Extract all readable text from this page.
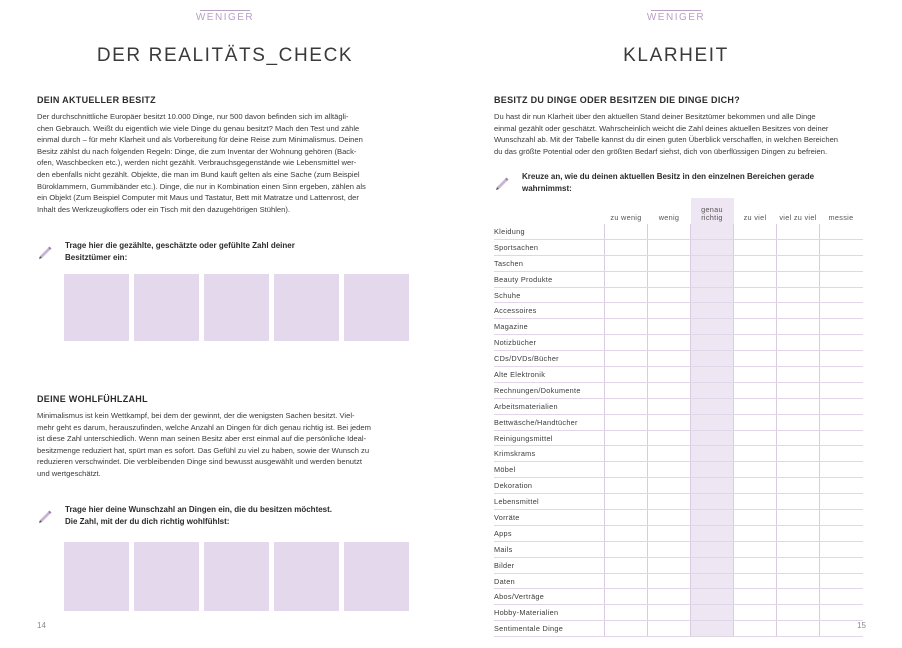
WENIGER
DER REALITÄTS_CHECK
DEIN AKTUELLER BESITZ
Der durchschnittliche Europäer besitzt 10.000 Dinge, nur 500 davon befinden sich im alltägli-
chen Gebrauch. Weißt du eigentlich wie viele Dinge du genau besitzt? Mach den Test und zähle
einmal durch – für mehr Klarheit und als Vorbereitung für deine Reise zum Minimalismus. Deinen
Besitz zählst du nach folgenden Regeln: Dinge, die zum Inventar der Wohnung gehören (Back-
ofen, Waschbecken etc.), werden nicht gezählt. Verbrauchsgegenstände wie Lebensmittel wer-
den ebenfalls nicht gezählt. Objekte, die man im Bund kauft gelten als eine Sache (zum Beispiel
Büroklammern, Gummibänder etc.). Dinge, die nur in Kombination einen Sinn ergeben, zählen als
ein Objekt (Zum Beispiel Computer mit Maus und Tastatur, Bett mit Matratze und Lattenrost, der
Inhalt des Werkzeugkoffers oder ein Tisch mit den dazugehörigen Stühlen).
Trage hier die gezählte, geschätzte oder gefühlte Zahl deiner
Besitztümer ein:
DEINE WOHLFÜHLZAHL
Minimalismus ist kein Wettkampf, bei dem der gewinnt, der die wenigsten Sachen besitzt. Viel-
mehr geht es darum, herauszufinden, welche Anzahl an Dingen für dich genau richtig ist. Bei jedem
ist diese Zahl unterschiedlich. Wenn man seinen Besitz aber erst einmal auf die persönliche Ideal-
besitzmenge reduziert hat, spürt man es sofort. Das Gefühl zu viel zu haben, sowie der Wunsch zu
reduzieren verschwindet. Die verbleibenden Dinge sind bewusst ausgewählt und werden benutzt
und wertgeschätzt.
Trage hier deine Wunschzahl an Dingen ein, die du besitzen möchtest.
Die Zahl, mit der du dich richtig wohlfühlst:
14
WENIGER
KLARHEIT
BESITZ DU DINGE ODER BESITZEN DIE DINGE DICH?
Du hast dir nun Klarheit über den aktuellen Stand deiner Besitztümer bekommen und alle Dinge
einmal gezählt oder geschätzt. Wahrscheinlich weicht die Zahl deines aktuellen Besitzes von deiner
Wunschzahl ab. Mit der Tabelle kannst du dir einen guten Überblick verschaffen, in welchen Bereichen
du das größte Potential oder den größten Bedarf siehst, dich von überflüssigen Dingen zu befreien.
Kreuze an, wie du deinen aktuellen Besitz in den einzelnen Bereichen gerade
wahrnimmst:
15
	zu wenig	wenig	genau richtig	zu viel	viel zu viel	messie
Kleidung						
Sportsachen						
Taschen						
Beauty Produkte						
Schuhe						
Accessoires						
Magazine						
Notizbücher						
CDs/DVDs/Bücher						
Alte Elektronik						
Rechnungen/Dokumente						
Arbeitsmaterialien						
Bettwäsche/Handtücher						
Reinigungsmittel						
Krimskrams						
Möbel						
Dekoration						
Lebensmittel						
Vorräte						
Apps						
Mails						
Bilder						
Daten						
Abos/Verträge						
Hobby-Materialien						
Sentimentale Dinge						
